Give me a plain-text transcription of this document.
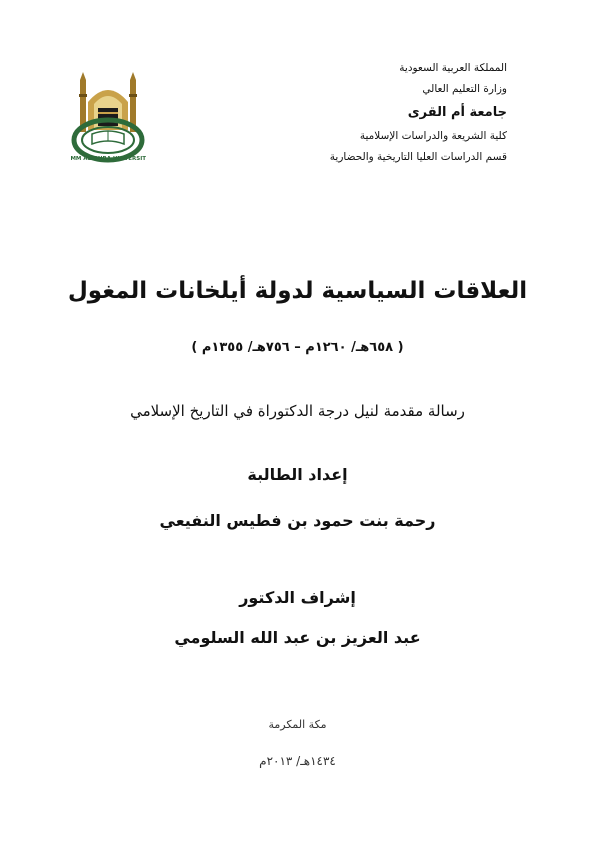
المملكة العربية السعودية
وزارة التعليم العالي
جامعة أم القرى
كلية الشريعة والدراسات الإسلامية
قسم الدراسات العليا التاريخية والحضارية
UMM AL-QURA UNIVERSITY
العلاقات السياسية لدولة أيلخانات المغول
( ٦٥٨هـ/ ١٢٦٠م – ٧٥٦هـ/ ١٣٥٥م )
رسالة مقدمة لنيل درجة الدكتوراة في التاريخ الإسلامي
إعداد الطالبة
رحمة بنت حمود بن فطيس النفيعي
إشراف الدكتور
عبد العزيز بن عبد الله السلومي
مكة المكرمة
١٤٣٤هـ/ ٢٠١٣م
